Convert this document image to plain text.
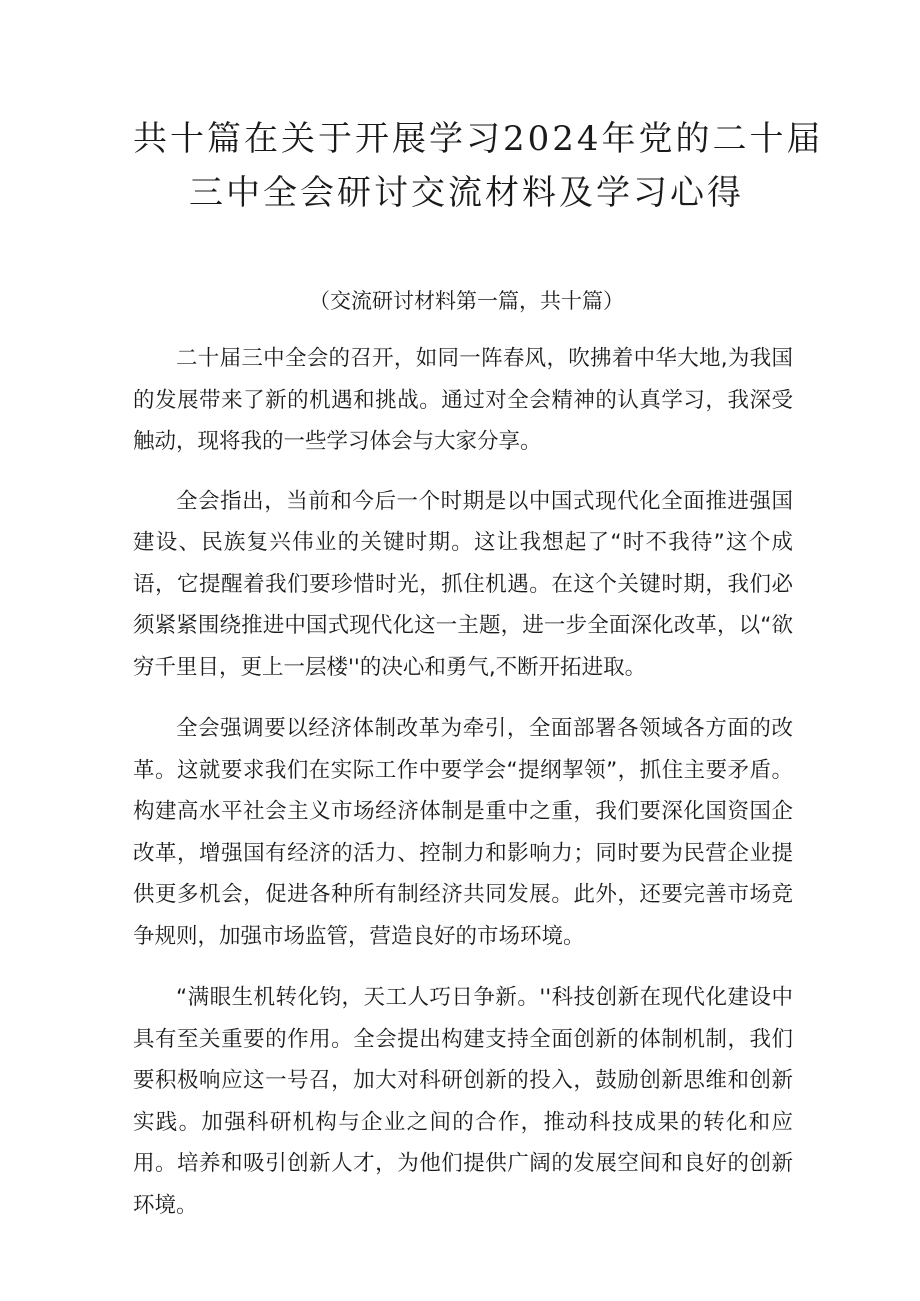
共十篇在关于开展学习2024年党的二十届
三中全会研讨交流材料及学习心得
（交流研讨材料第一篇，共十篇）

二十届三中全会的召开，如同一阵春风，吹拂着中华大地,为我国的发展带来了新的机遇和挑战。通过对全会精神的认真学习，我深受触动，现将我的一些学习体会与大家分享。

全会指出，当前和今后一个时期是以中国式现代化全面推进强国建设、民族复兴伟业的关键时期。这让我想起了“时不我待”这个成语，它提醒着我们要珍惜时光，抓住机遇。在这个关键时期，我们必须紧紧围绕推进中国式现代化这一主题，进一步全面深化改革，以“欲穷千里目，更上一层楼''的决心和勇气,不断开拓进取。

全会强调要以经济体制改革为牵引，全面部署各领域各方面的改革。这就要求我们在实际工作中要学会“提纲挈领”，抓住主要矛盾。构建高水平社会主义市场经济体制是重中之重，我们要深化国资国企改革，增强国有经济的活力、控制力和影响力；同时要为民营企业提供更多机会，促进各种所有制经济共同发展。此外，还要完善市场竞争规则，加强市场监管，营造良好的市场环境。

“满眼生机转化钧，天工人巧日争新。''科技创新在现代化建设中具有至关重要的作用。全会提出构建支持全面创新的体制机制，我们要积极响应这一号召，加大对科研创新的投入，鼓励创新思维和创新实践。加强科研机构与企业之间的合作，推动科技成果的转化和应用。培养和吸引创新人才，为他们提供广阔的发展空间和良好的创新环境。
